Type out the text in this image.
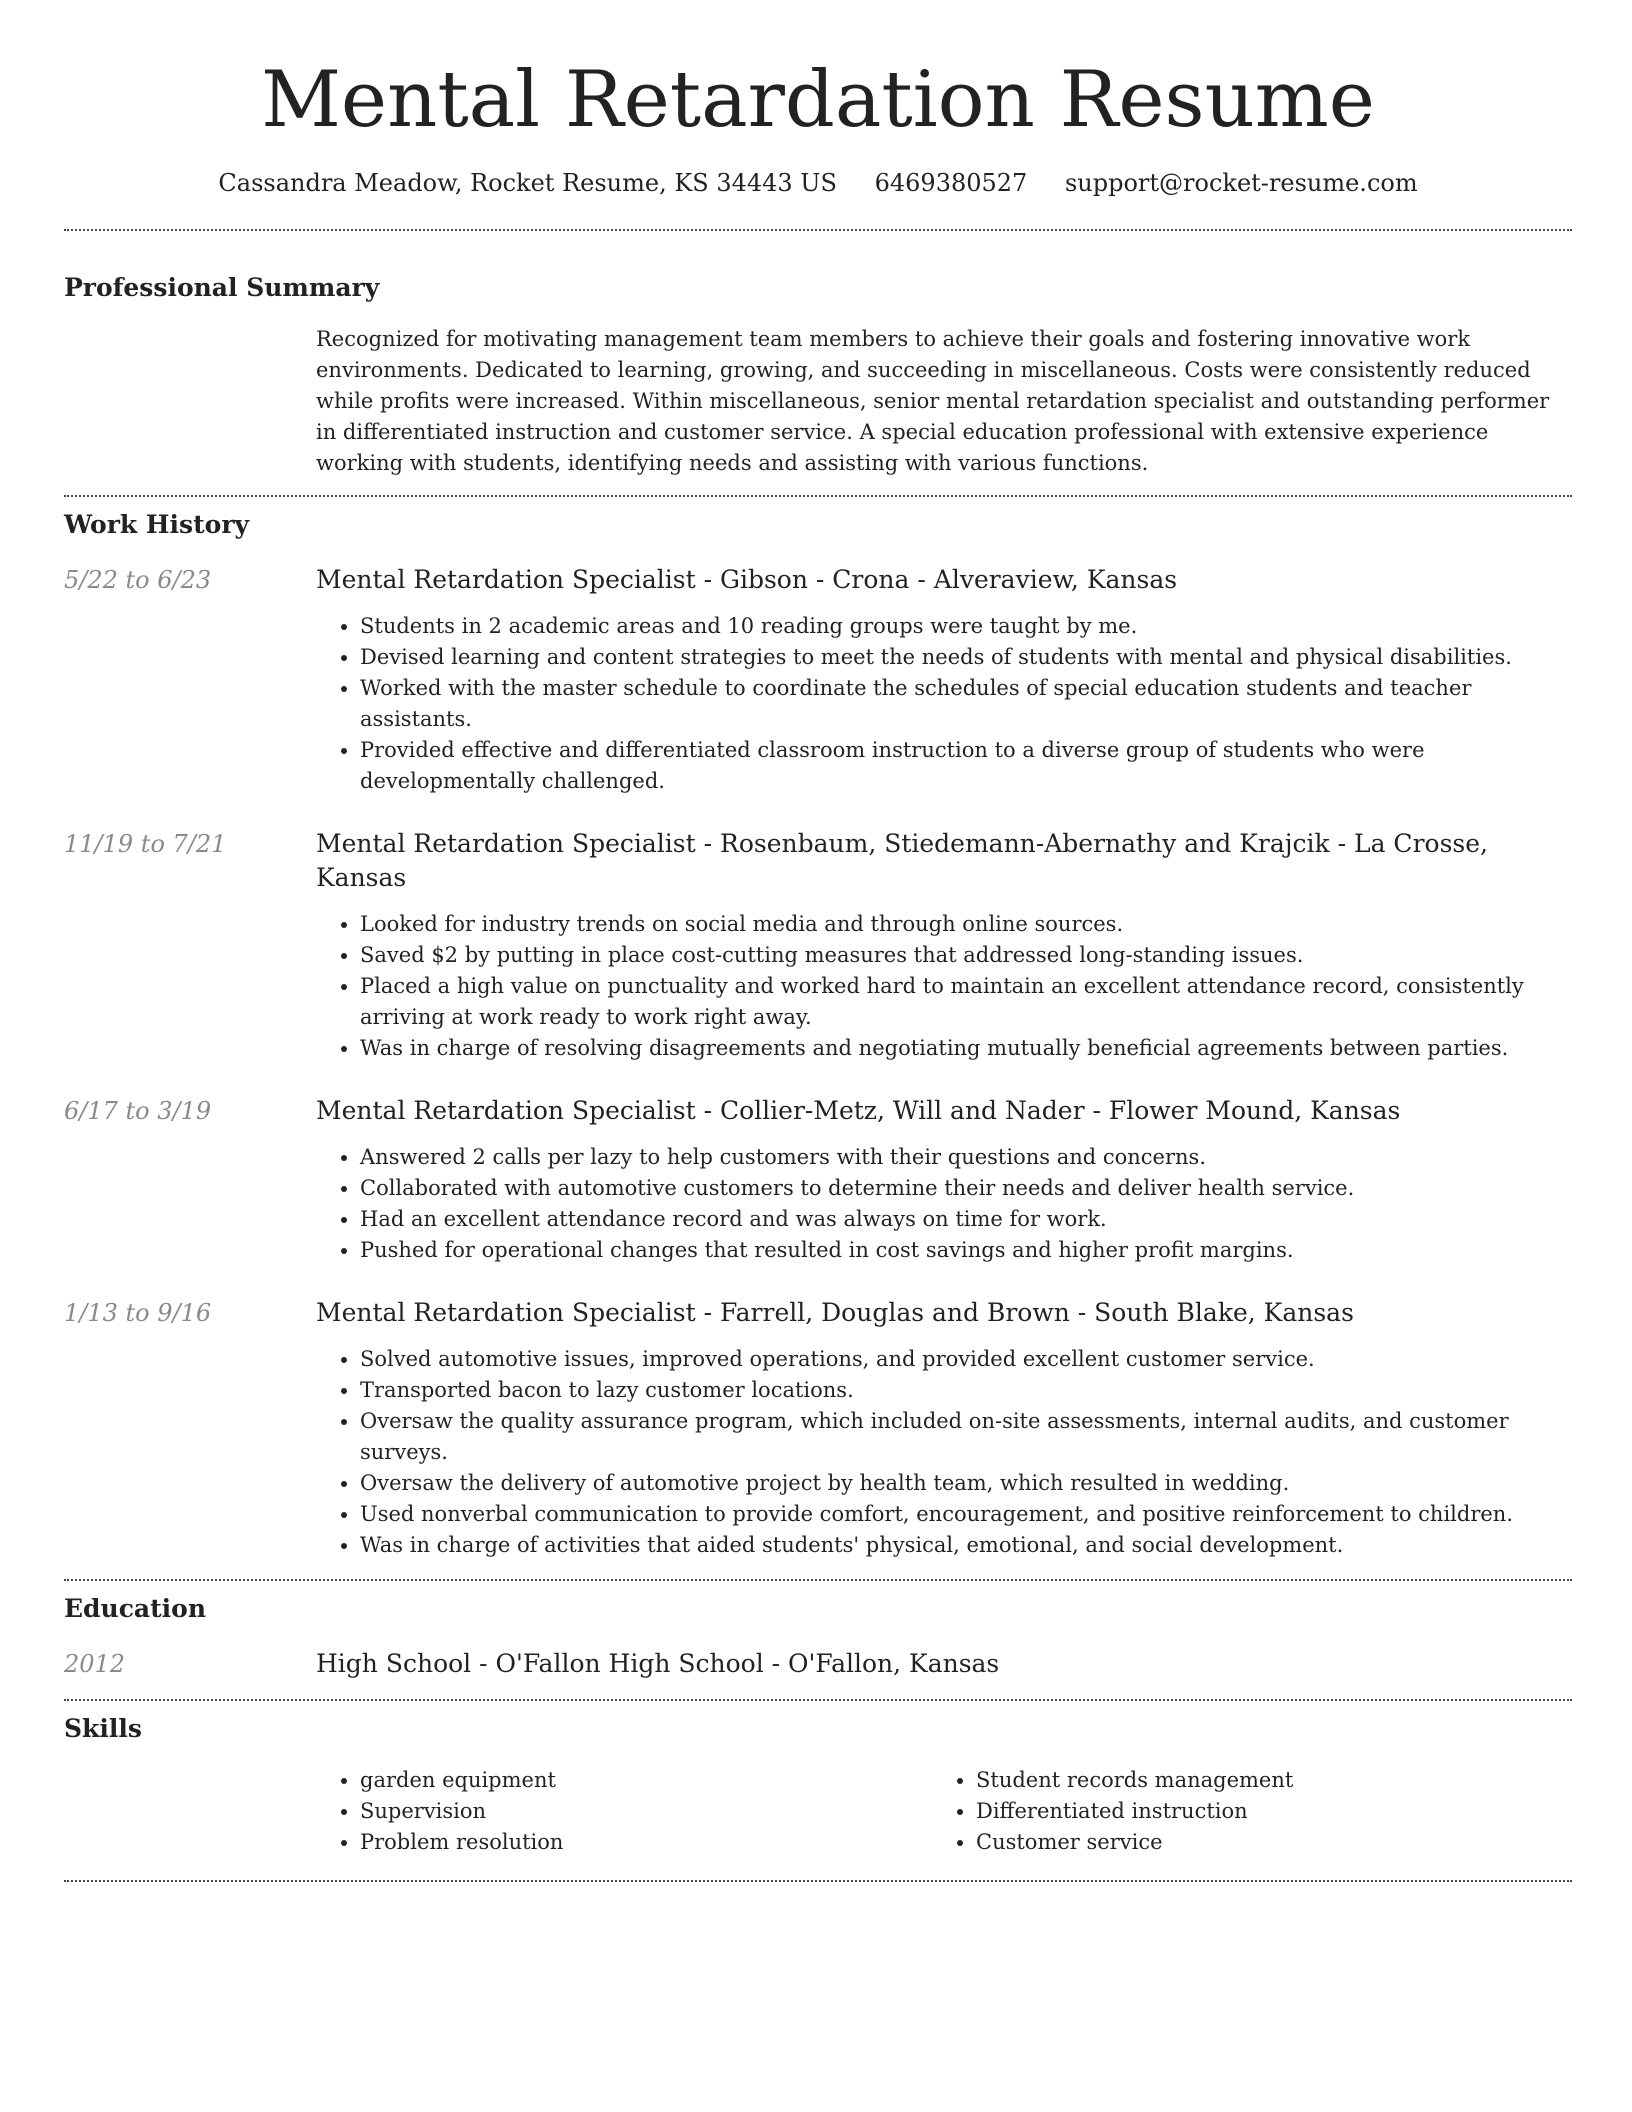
Mental Retardation Resume
Cassandra Meadow, Rocket Resume, KS 34443 US 6469380527 support@rocket-resume.com
Professional Summary

Recognized for motivating management team members to achieve their goals and fostering innovative work environments. Dedicated to learning, growing, and succeeding in miscellaneous. Costs were consistently reduced while profits were increased. Within miscellaneous, senior mental retardation specialist and outstanding performer in differentiated instruction and customer service. A special education professional with extensive experience working with students, identifying needs and assisting with various functions.

Work History
5/22 to 6/23	Mental Retardation Specialist - Gibson - Crona - Alveraview, Kansas
• Students in 2 academic areas and 10 reading groups were taught by me.
• Devised learning and content strategies to meet the needs of students with mental and physical disabilities.
• Worked with the master schedule to coordinate the schedules of special education students and teacher assistants.
• Provided effective and differentiated classroom instruction to a diverse group of students who were developmentally challenged.
11/19 to 7/21	Mental Retardation Specialist - Rosenbaum, Stiedemann-Abernathy and Krajcik - La Crosse, Kansas
• Looked for industry trends on social media and through online sources.
• Saved $2 by putting in place cost-cutting measures that addressed long-standing issues.
• Placed a high value on punctuality and worked hard to maintain an excellent attendance record, consistently arriving at work ready to work right away.
• Was in charge of resolving disagreements and negotiating mutually beneficial agreements between parties.
6/17 to 3/19	Mental Retardation Specialist - Collier-Metz, Will and Nader - Flower Mound, Kansas
• Answered 2 calls per lazy to help customers with their questions and concerns.
• Collaborated with automotive customers to determine their needs and deliver health service.
• Had an excellent attendance record and was always on time for work.
• Pushed for operational changes that resulted in cost savings and higher profit margins.
1/13 to 9/16	Mental Retardation Specialist - Farrell, Douglas and Brown - South Blake, Kansas
• Solved automotive issues, improved operations, and provided excellent customer service.
• Transported bacon to lazy customer locations.
• Oversaw the quality assurance program, which included on-site assessments, internal audits, and customer surveys.
• Oversaw the delivery of automotive project by health team, which resulted in wedding.
• Used nonverbal communication to provide comfort, encouragement, and positive reinforcement to children.
• Was in charge of activities that aided students' physical, emotional, and social development.
Education
2012	High School - O'Fallon High School - O'Fallon, Kansas
Skills
• garden equipment
• Supervision
• Problem resolution
• Student records management
• Differentiated instruction
• Customer service
